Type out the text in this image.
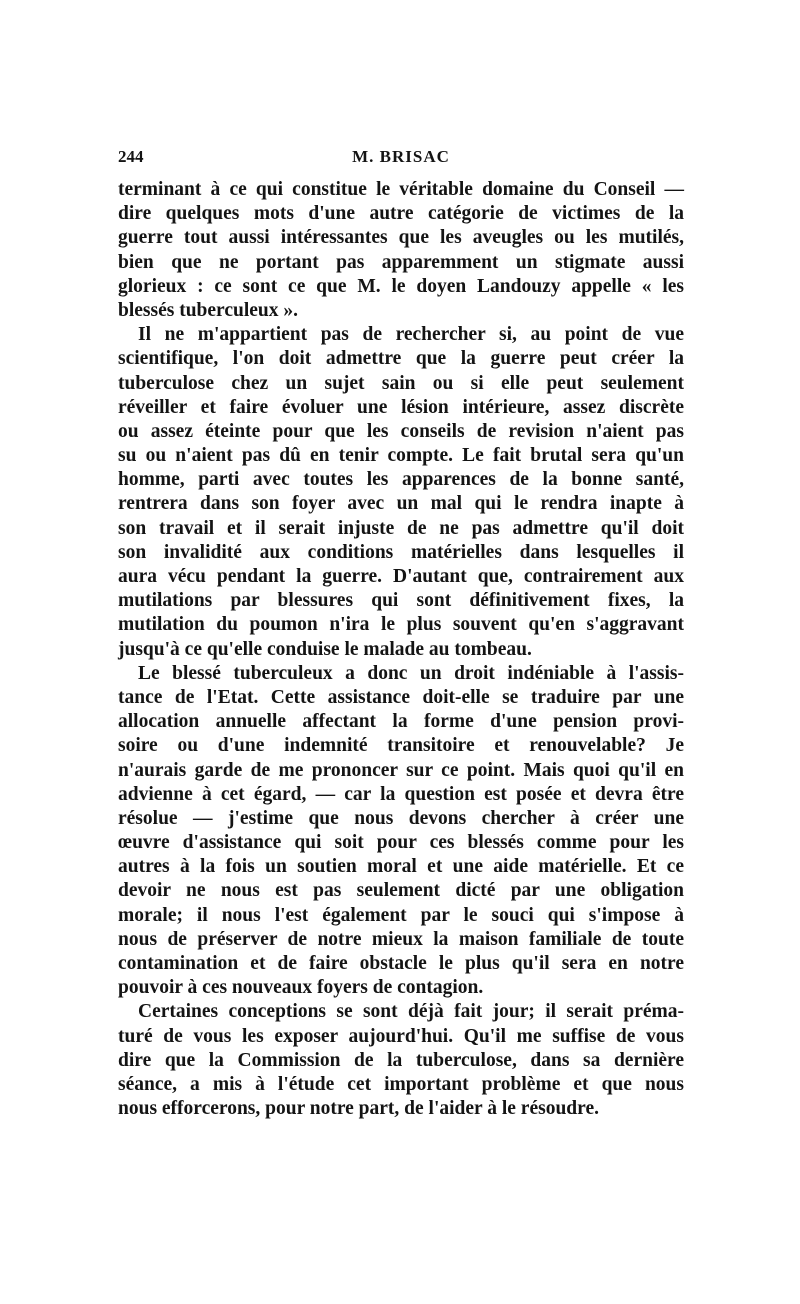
244	M. BRISAC
terminant à ce qui constitue le véritable domaine du Conseil —
dire quelques mots d'une autre catégorie de victimes de la
guerre tout aussi intéressantes que les aveugles ou les mutilés,
bien que ne portant pas apparemment un stigmate aussi
glorieux : ce sont ce que M. le doyen Landouzy appelle « les
blessés tuberculeux ».
Il ne m'appartient pas de rechercher si, au point de vue
scientifique, l'on doit admettre que la guerre peut créer la
tuberculose chez un sujet sain ou si elle peut seulement
réveiller et faire évoluer une lésion intérieure, assez discrète
ou assez éteinte pour que les conseils de revision n'aient pas
su ou n'aient pas dû en tenir compte. Le fait brutal sera qu'un
homme, parti avec toutes les apparences de la bonne santé,
rentrera dans son foyer avec un mal qui le rendra inapte à
son travail et il serait injuste de ne pas admettre qu'il doit
son invalidité aux conditions matérielles dans lesquelles il
aura vécu pendant la guerre. D'autant que, contrairement aux
mutilations par blessures qui sont définitivement fixes, la
mutilation du poumon n'ira le plus souvent qu'en s'aggravant
jusqu'à ce qu'elle conduise le malade au tombeau.
Le blessé tuberculeux a donc un droit indéniable à l'assis-
tance de l'Etat. Cette assistance doit-elle se traduire par une
allocation annuelle affectant la forme d'une pension provi-
soire ou d'une indemnité transitoire et renouvelable? Je
n'aurais garde de me prononcer sur ce point. Mais quoi qu'il en
advienne à cet égard, — car la question est posée et devra être
résolue — j'estime que nous devons chercher à créer une
œuvre d'assistance qui soit pour ces blessés comme pour les
autres à la fois un soutien moral et une aide matérielle. Et ce
devoir ne nous est pas seulement dicté par une obligation
morale; il nous l'est également par le souci qui s'impose à
nous de préserver de notre mieux la maison familiale de toute
contamination et de faire obstacle le plus qu'il sera en notre
pouvoir à ces nouveaux foyers de contagion.
Certaines conceptions se sont déjà fait jour; il serait préma-
turé de vous les exposer aujourd'hui. Qu'il me suffise de vous
dire que la Commission de la tuberculose, dans sa dernière
séance, a mis à l'étude cet important problème et que nous
nous efforcerons, pour notre part, de l'aider à le résoudre.
